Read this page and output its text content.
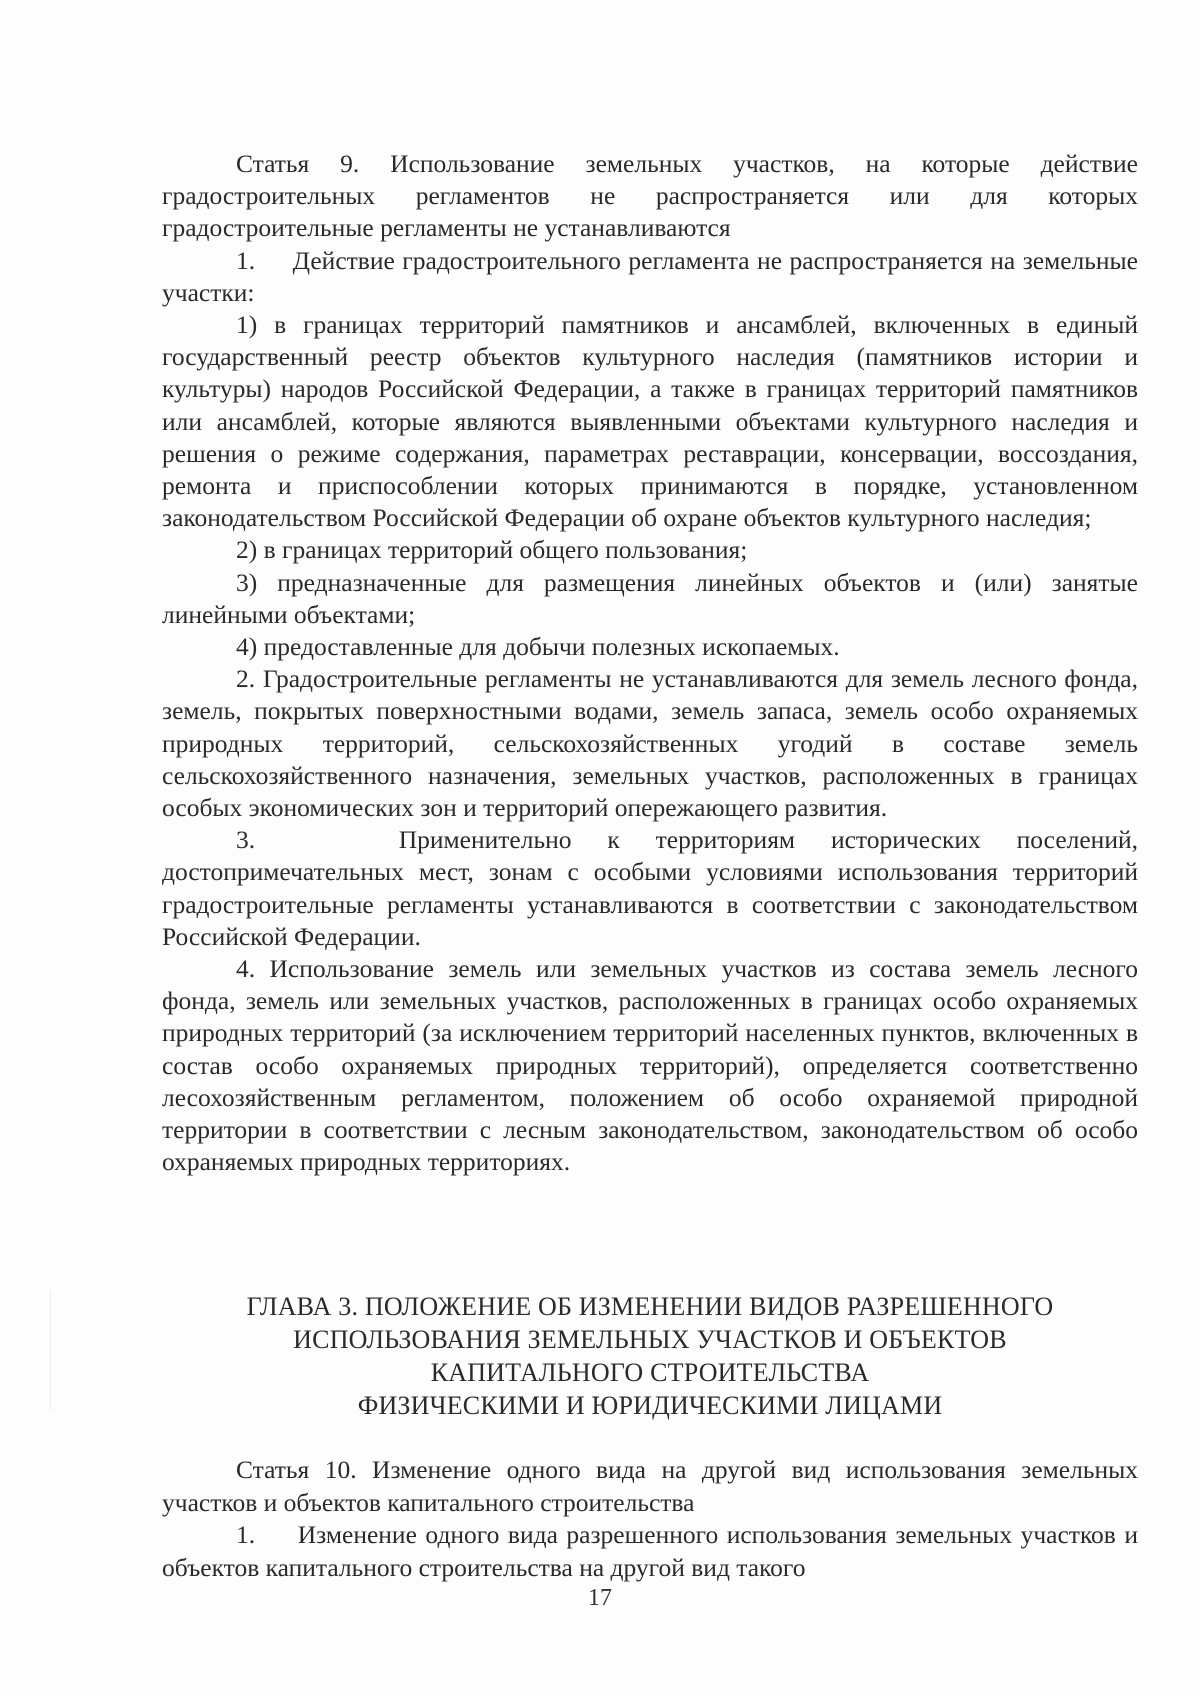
Статья 9. Использование земельных участков, на которые действие градостроительных регламентов не распространяется или для которых градостроительные регламенты не устанавливаются

1.     Действие градостроительного регламента не распространяется на земельные участки:

1) в границах территорий памятников и ансамблей, включенных в единый государственный реестр объектов культурного наследия (памятников истории и культуры) народов Российской Федерации, а также в границах территорий памятников или ансамблей, которые являются выявленными объектами культурного наследия и решения о режиме содержания, параметрах реставрации, консервации, воссоздания, ремонта и приспособлении которых принимаются в порядке, установленном законодательством Российской Федерации об охране объектов культурного наследия;

2) в границах территорий общего пользования;

3) предназначенные для размещения линейных объектов и (или) занятые линейными объектами;

4) предоставленные для добычи полезных ископаемых.

2. Градостроительные регламенты не устанавливаются для земель лесного фонда, земель, покрытых поверхностными водами, земель запаса, земель особо охраняемых природных территорий, сельскохозяйственных угодий в составе земель сельскохозяйственного назначения, земельных участков, расположенных в границах особых экономических зон и территорий опережающего развития.

3.    Применительно к территориям исторических поселений, достопримечательных мест, зонам с особыми условиями использования территорий градостроительные регламенты устанавливаются в соответствии с законодательством Российской Федерации.

4. Использование земель или земельных участков из состава земель лесного фонда, земель или земельных участков, расположенных в границах особо охраняемых природных территорий (за исключением территорий населенных пунктов, включенных в состав особо охраняемых природных территорий), определяется соответственно лесохозяйственным регламентом, положением об особо охраняемой природной территории в соответствии с лесным законодательством, законодательством об особо охраняемых природных территориях.

ГЛАВА 3. ПОЛОЖЕНИЕ ОБ ИЗМЕНЕНИИ ВИДОВ РАЗРЕШЕННОГО
ИСПОЛЬЗОВАНИЯ ЗЕМЕЛЬНЫХ УЧАСТКОВ И ОБЪЕКТОВ
КАПИТАЛЬНОГО СТРОИТЕЛЬСТВА
ФИЗИЧЕСКИМИ И ЮРИДИЧЕСКИМИ ЛИЦАМИ

Статья 10. Изменение одного вида на другой вид использования земельных участков и объектов капитального строительства

1.     Изменение одного вида разрешенного использования земельных участков и объектов капитального строительства на другой вид такого

17
